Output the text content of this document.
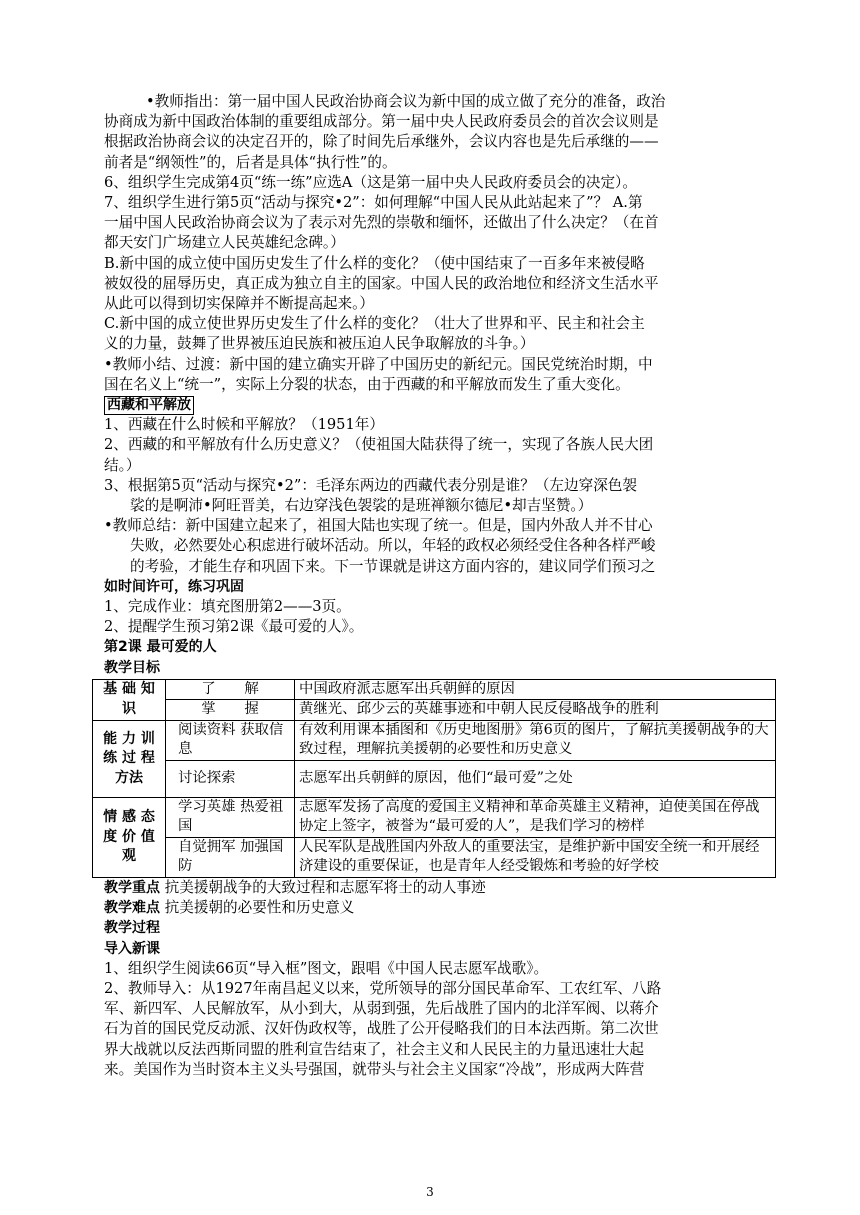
•教师指出：第一届中国人民政治协商会议为新中国的成立做了充分的准备，政治
协商成为新中国政治体制的重要组成部分。第一届中央人民政府委员会的首次会议则是
根据政治协商会议的决定召开的，除了时间先后承继外，会议内容也是先后承继的——
前者是“纲领性”的，后者是具体“执行性”的。
6、组织学生完成第4页“练一练”应选A（这是第一届中央人民政府委员会的决定）。
7、组织学生进行第5页“活动与探究•2”：如何理解“中国人民从此站起来了”？ A.第
一届中国人民政治协商会议为了表示对先烈的崇敬和缅怀，还做出了什么决定？（在首
都天安门广场建立人民英雄纪念碑。）
B.新中国的成立使中国历史发生了什么样的变化？（使中国结束了一百多年来被侵略
被奴役的屈辱历史，真正成为独立自主的国家。中国人民的政治地位和经济文生活水平
从此可以得到切实保障并不断提高起来。）
C.新中国的成立使世界历史发生了什么样的变化？（壮大了世界和平、民主和社会主
义的力量，鼓舞了世界被压迫民族和被压迫人民争取解放的斗争。）
•教师小结、过渡：新中国的建立确实开辟了中国历史的新纪元。国民党统治时期，中
国在名义上“统一”，实际上分裂的状态，由于西藏的和平解放而发生了重大变化。
西藏和平解放
1、西藏在什么时候和平解放？（1951年）
2、西藏的和平解放有什么历史意义？（使祖国大陆获得了统一，实现了各族人民大团
结。）
3、根据第5页“活动与探究•2”：毛泽东两边的西藏代表分别是谁？（左边穿深色袈
裟的是啊沛•阿旺晋美，右边穿浅色袈裟的是班禅额尔德尼•却吉坚赞。）
•教师总结：新中国建立起来了，祖国大陆也实现了统一。但是，国内外敌人并不甘心
失败，必然要处心积虑进行破坏活动。所以，年轻的政权必须经受住各种各样严峻
的考验，才能生存和巩固下来。下一节课就是讲这方面内容的，建议同学们预习之
如时间许可，练习巩固
1、完成作业：填充图册第2——3页。
2、提醒学生预习第2课《最可爱的人》。
第2课 最可爱的人
教学目标
基 础 知识	了　　解	中国政府派志愿军出兵朝鲜的原因
	掌　　握	黄继光、邱少云的英雄事迹和中朝人民反侵略战争的胜利
能 力 训 练 过 程 方法	阅读资料 获取信息	有效利用课本插图和《历史地图册》第6页的图片，了解抗美援朝战争的大致过程，理解抗美援朝的必要性和历史意义
	讨论探索	志愿军出兵朝鲜的原因，他们“最可爱”之处
情 感 态 度 价 值 观	学习英雄 热爱祖国	志愿军发扬了高度的爱国主义精神和革命英雄主义精神，迫使美国在停战协定上签字，被誉为“最可爱的人”，是我们学习的榜样
	自觉拥军 加强国防	人民军队是战胜国内外敌人的重要法宝，是维护新中国安全统一和开展经济建设的重要保证，也是青年人经受锻炼和考验的好学校
教学重点 抗美援朝战争的大致过程和志愿军将士的动人事迹
教学难点 抗美援朝的必要性和历史意义
教学过程
导入新课
1、组织学生阅读66页“导入框”图文，跟唱《中国人民志愿军战歌》。
2、教师导入：从1927年南昌起义以来，党所领导的部分国民革命军、工农红军、八路
军、新四军、人民解放军，从小到大，从弱到强，先后战胜了国内的北洋军阀、以蒋介
石为首的国民党反动派、汉奸伪政权等，战胜了公开侵略我们的日本法西斯。第二次世
界大战就以反法西斯同盟的胜利宣告结束了，社会主义和人民民主的力量迅速壮大起
来。美国作为当时资本主义头号强国，就带头与社会主义国家“冷战”，形成两大阵营
3
